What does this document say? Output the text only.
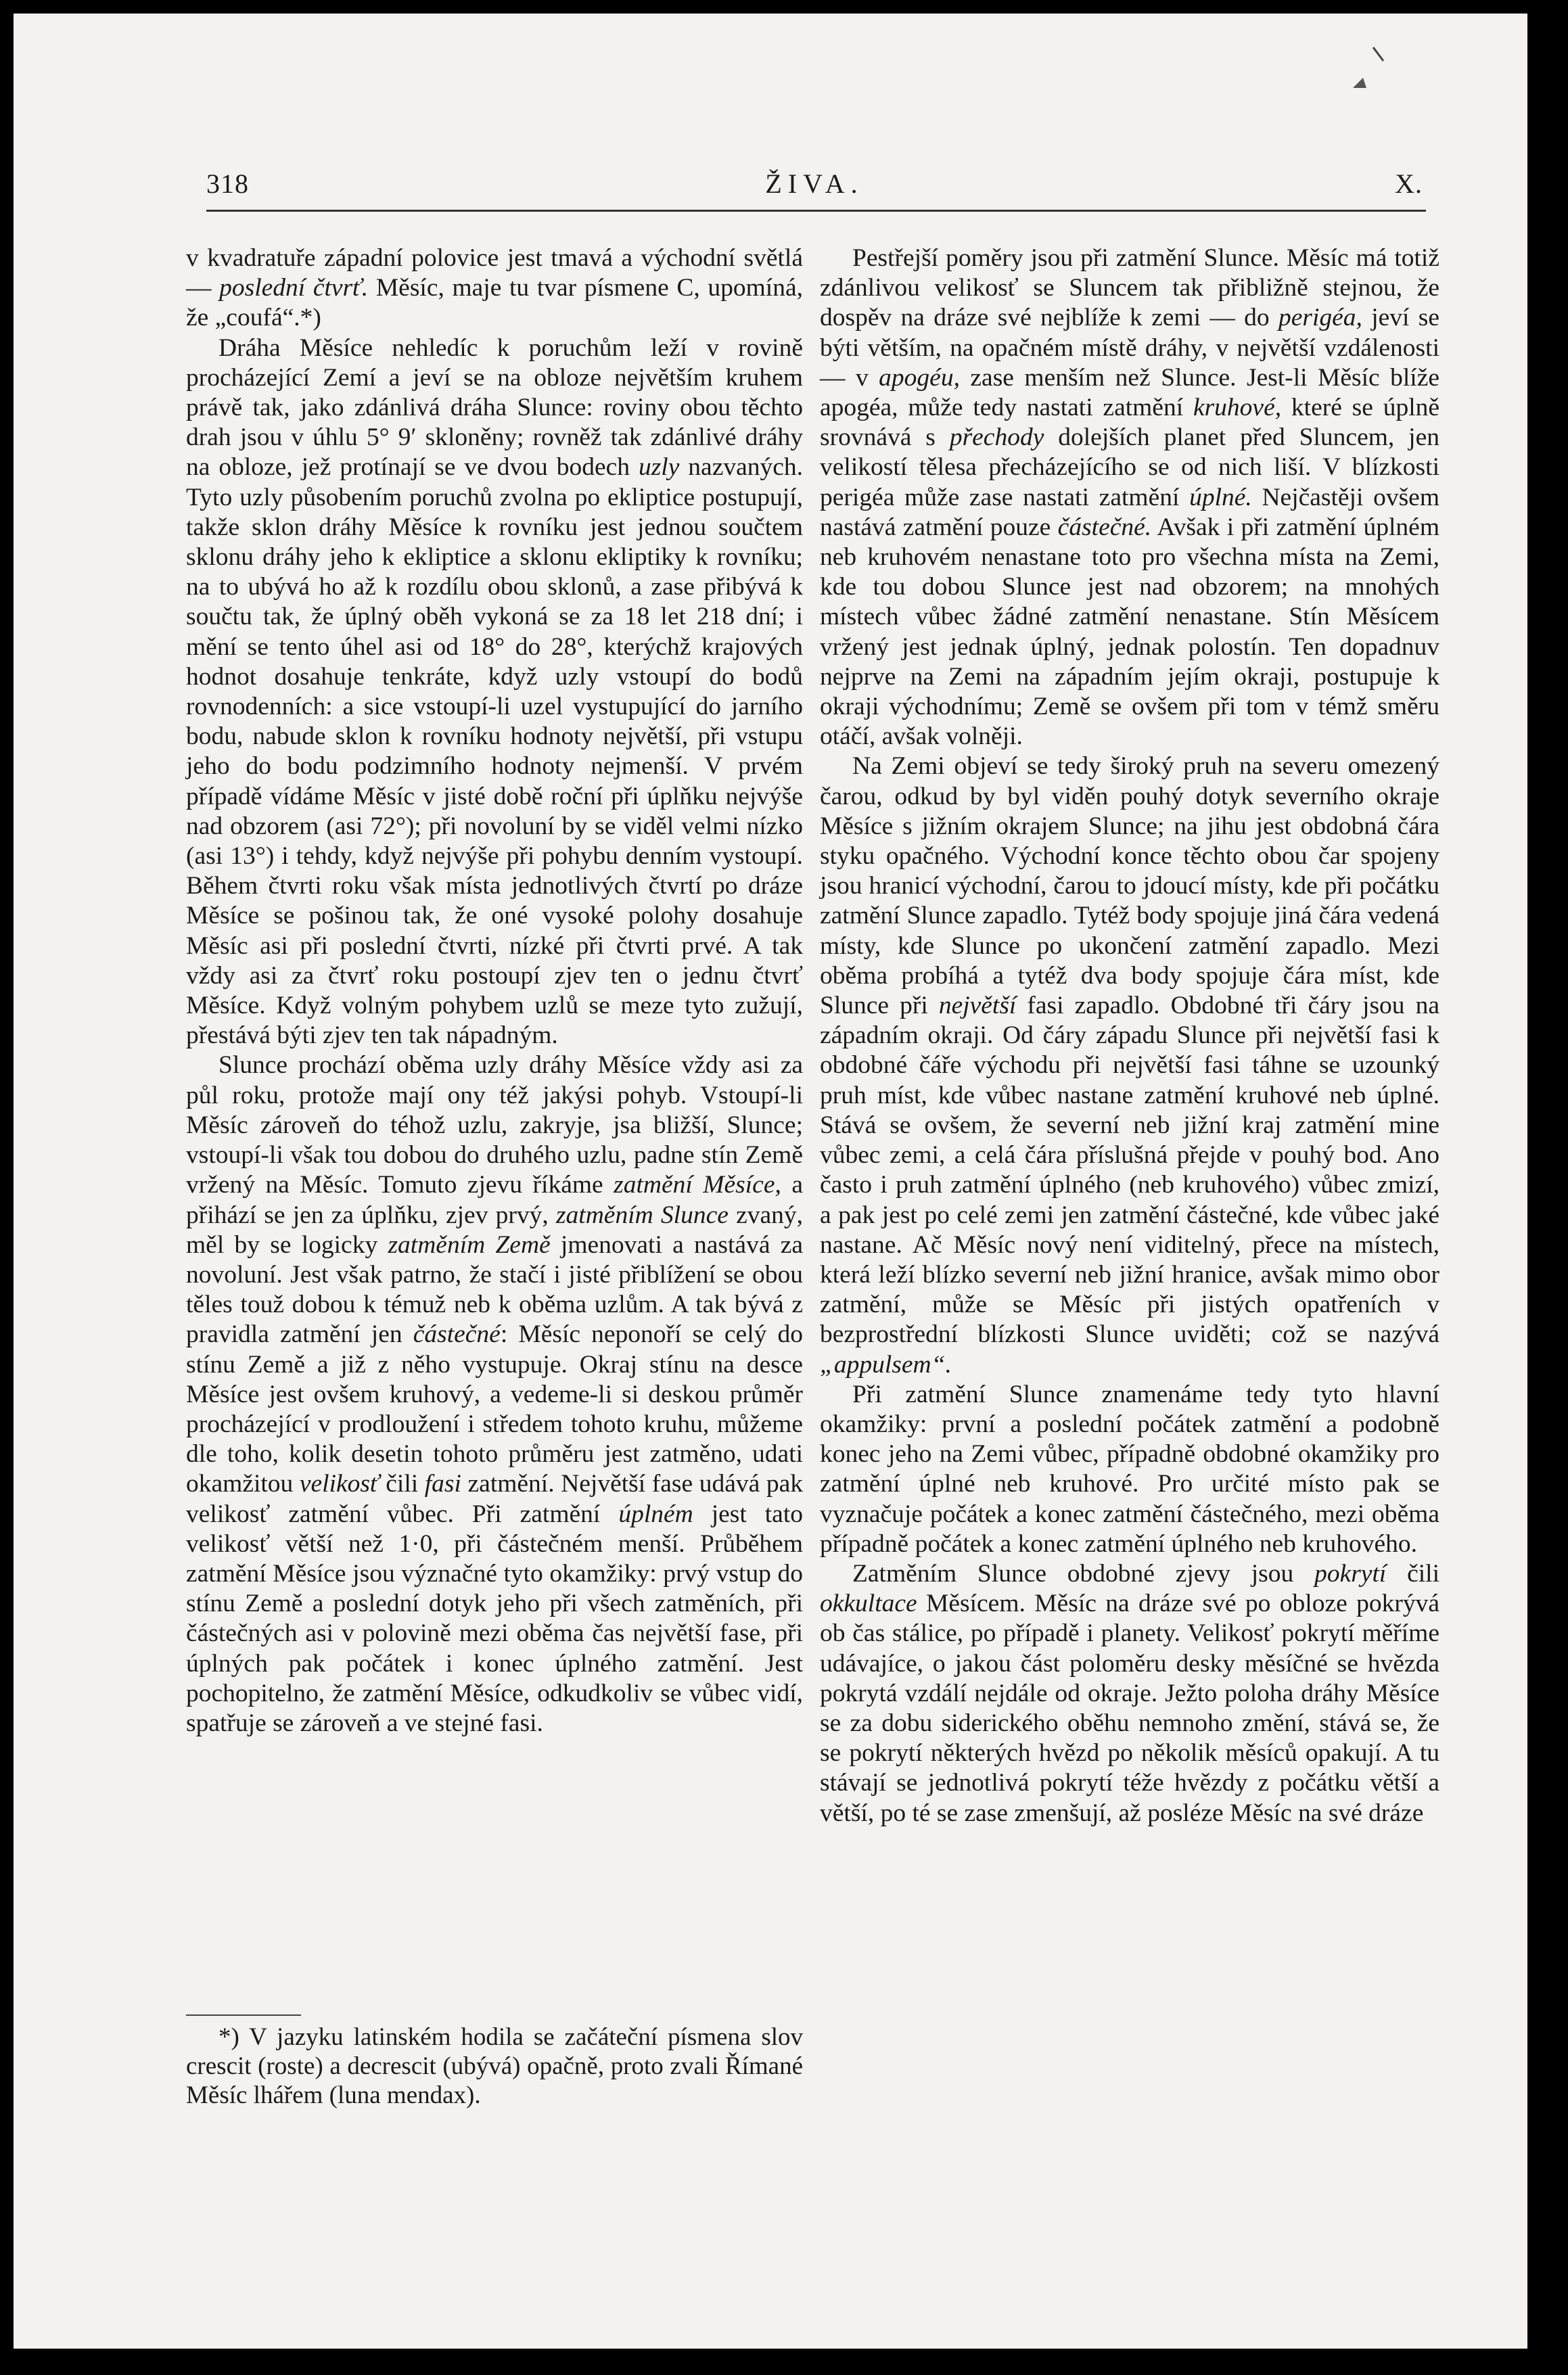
318	ŽIVA.	X.

v kvadratuře západní polovice jest tmavá a východní světlá — poslední čtvrť. Měsíc, maje tu tvar písmene C, upomíná, že „coufá“.*)

Dráha Měsíce nehledíc k poruchům leží v rovině procházející Zemí a jeví se na obloze největším kruhem právě tak, jako zdánlivá dráha Slunce: roviny obou těchto drah jsou v úhlu 5° 9′ skloněny; rovněž tak zdánlivé dráhy na obloze, jež protínají se ve dvou bodech uzly nazvaných. Tyto uzly působením poruchů zvolna po ekliptice postupují, takže sklon dráhy Měsíce k rovníku jest jednou součtem sklonu dráhy jeho k ekliptice a sklonu ekliptiky k rovníku; na to ubývá ho až k rozdílu obou sklonů, a zase přibývá k součtu tak, že úplný oběh vykoná se za 18 let 218 dní; i mění se tento úhel asi od 18° do 28°, kterýchž krajových hodnot dosahuje tenkráte, když uzly vstoupí do bodů rovnodenních: a sice vstoupí-li uzel vystupující do jarního bodu, nabude sklon k rovníku hodnoty největší, při vstupu jeho do bodu podzimního hodnoty nejmenší. V prvém případě vídáme Měsíc v jisté době roční při úplňku nejvýše nad obzorem (asi 72°); při novoluní by se viděl velmi nízko (asi 13°) i tehdy, když nejvýše při pohybu denním vystoupí. Během čtvrti roku však místa jednotlivých čtvrtí po dráze Měsíce se pošinou tak, že oné vysoké polohy dosahuje Měsíc asi při poslední čtvrti, nízké při čtvrti prvé. A tak vždy asi za čtvrť roku postoupí zjev ten o jednu čtvrť Měsíce. Když volným pohybem uzlů se meze tyto zužují, přestává býti zjev ten tak nápadným.

Slunce prochází oběma uzly dráhy Měsíce vždy asi za půl roku, protože mají ony též jakýsi pohyb. Vstoupí-li Měsíc zároveň do téhož uzlu, zakryje, jsa bližší, Slunce; vstoupí-li však tou dobou do druhého uzlu, padne stín Země vržený na Měsíc. Tomuto zjevu říkáme zatmění Měsíce, a přihází se jen za úplňku, zjev prvý, zatměním Slunce zvaný, měl by se logicky zatměním Země jmenovati a nastává za novoluní. Jest však patrno, že stačí i jisté přiblížení se obou těles touž dobou k témuž neb k oběma uzlům. A tak bývá z pravidla zatmění jen částečné: Měsíc neponoří se celý do stínu Země a již z něho vystupuje. Okraj stínu na desce Měsíce jest ovšem kruhový, a vedeme-li si deskou průměr procházející v prodloužení i středem tohoto kruhu, můžeme dle toho, kolik desetin tohoto průměru jest zatměno, udati okamžitou velikosť čili fasi zatmění. Největší fase udává pak velikosť zatmění vůbec. Při zatmění úplném jest tato velikosť větší než 1·0, při částečném menší. Průběhem zatmění Měsíce jsou význačné tyto okamžiky: prvý vstup do stínu Země a poslední dotyk jeho při všech zatměních, při částečných asi v polovině mezi oběma čas největší fase, při úplných pak počátek i konec úplného zatmění. Jest pochopitelno, že zatmění Měsíce, odkudkoliv se vůbec vidí, spatřuje se zároveň a ve stejné fasi.

Pestřejší poměry jsou při zatmění Slunce. Měsíc má totiž zdánlivou velikosť se Sluncem tak přibližně stejnou, že dospěv na dráze své nejblíže k zemi — do perigéa, jeví se býti větším, na opačném místě dráhy, v největší vzdálenosti — v apogéu, zase menším než Slunce. Jest-li Měsíc blíže apogéa, může tedy nastati zatmění kruhové, které se úplně srovnává s přechody dolejších planet před Sluncem, jen velikostí tělesa přecházejícího se od nich liší. V blízkosti perigéa může zase nastati zatmění úplné. Nejčastěji ovšem nastává zatmění pouze částečné. Avšak i při zatmění úplném neb kruhovém nenastane toto pro všechna místa na Zemi, kde tou dobou Slunce jest nad obzorem; na mnohých místech vůbec žádné zatmění nenastane. Stín Měsícem vržený jest jednak úplný, jednak polostín. Ten dopadnuv nejprve na Zemi na západním jejím okraji, postupuje k okraji východnímu; Země se ovšem při tom v témž směru otáčí, avšak volněji.

Na Zemi objeví se tedy široký pruh na severu omezený čarou, odkud by byl viděn pouhý dotyk severního okraje Měsíce s jižním okrajem Slunce; na jihu jest obdobná čára styku opačného. Východní konce těchto obou čar spojeny jsou hranicí východní, čarou to jdoucí místy, kde při počátku zatmění Slunce zapadlo. Tytéž body spojuje jiná čára vedená místy, kde Slunce po ukončení zatmění zapadlo. Mezi oběma probíhá a tytéž dva body spojuje čára míst, kde Slunce při největší fasi zapadlo. Obdobné tři čáry jsou na západním okraji. Od čáry západu Slunce při největší fasi k obdobné čáře východu při největší fasi táhne se uzounký pruh míst, kde vůbec nastane zatmění kruhové neb úplné. Stává se ovšem, že severní neb jižní kraj zatmění mine vůbec zemi, a celá čára příslušná přejde v pouhý bod. Ano často i pruh zatmění úplného (neb kruhového) vůbec zmizí, a pak jest po celé zemi jen zatmění částečné, kde vůbec jaké nastane. Ač Měsíc nový není viditelný, přece na místech, která leží blízko severní neb jižní hranice, avšak mimo obor zatmění, může se Měsíc při jistých opatřeních v bezprostřední blízkosti Slunce uviděti; což se nazývá „appulsem“.

Při zatmění Slunce znamenáme tedy tyto hlavní okamžiky: první a poslední počátek zatmění a podobně konec jeho na Zemi vůbec, případně obdobné okamžiky pro zatmění úplné neb kruhové. Pro určité místo pak se vyznačuje počátek a konec zatmění částečného, mezi oběma případně počátek a konec zatmění úplného neb kruhového.

Zatměním Slunce obdobné zjevy jsou pokrytí čili okkultace Měsícem. Měsíc na dráze své po obloze pokrývá ob čas stálice, po případě i planety. Velikosť pokrytí měříme udávajíce, o jakou část poloměru desky měsíčné se hvězda pokrytá vzdálí nejdále od okraje. Ježto poloha dráhy Měsíce se za dobu siderického oběhu nemnoho změní, stává se, že se pokrytí některých hvězd po několik měsíců opakují. A tu stávají se jednotlivá pokrytí téže hvězdy z počátku větší a větší, po té se zase zmenšují, až posléze Měsíc na své dráze

*) V jazyku latinském hodila se začáteční písmena slov crescit (roste) a decrescit (ubývá) opačně, proto zvali Římané Měsíc lhářem (luna mendax).
